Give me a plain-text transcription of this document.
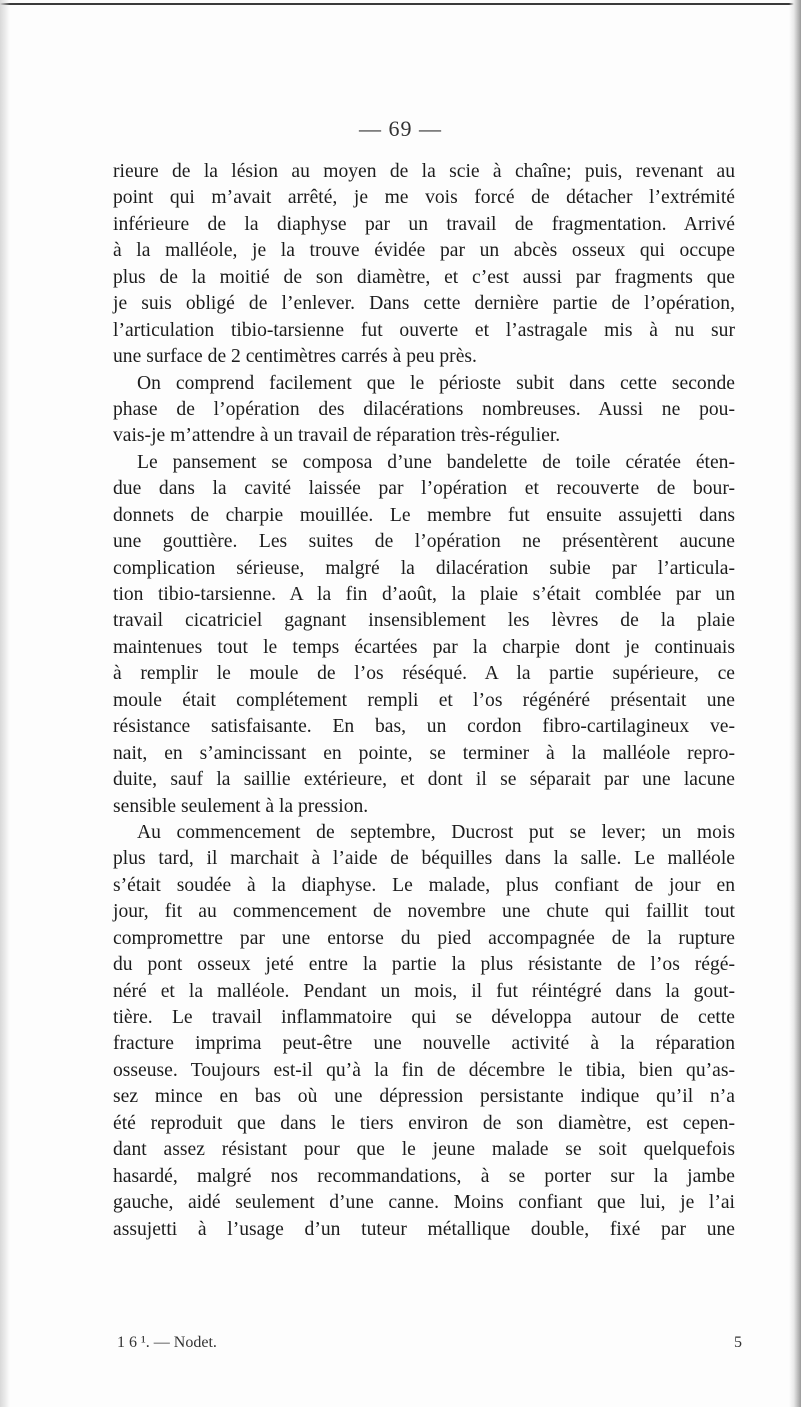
— 69 —
rieure de la lésion au moyen de la scie à chaîne; puis, revenant au
point qui m’avait arrêté, je me vois forcé de détacher l’extrémité
inférieure de la diaphyse par un travail de fragmentation. Arrivé
à la malléole, je la trouve évidée par un abcès osseux qui occupe
plus de la moitié de son diamètre, et c’est aussi par fragments que
je suis obligé de l’enlever. Dans cette dernière partie de l’opération,
l’articulation tibio-tarsienne fut ouverte et l’astragale mis à nu sur
une surface de 2 centimètres carrés à peu près.
On comprend facilement que le périoste subit dans cette seconde
phase de l’opération des dilacérations nombreuses. Aussi ne pou-
vais-je m’attendre à un travail de réparation très-régulier.
Le pansement se composa d’une bandelette de toile cératée éten-
due dans la cavité laissée par l’opération et recouverte de bour-
donnets de charpie mouillée. Le membre fut ensuite assujetti dans
une gouttière. Les suites de l’opération ne présentèrent aucune
complication sérieuse, malgré la dilacération subie par l’articula-
tion tibio-tarsienne. A la fin d’août, la plaie s’était comblée par un
travail cicatriciel gagnant insensiblement les lèvres de la plaie
maintenues tout le temps écartées par la charpie dont je continuais
à remplir le moule de l’os réséqué. A la partie supérieure, ce
moule était complétement rempli et l’os régénéré présentait une
résistance satisfaisante. En bas, un cordon fibro-cartilagineux ve-
nait, en s’amincissant en pointe, se terminer à la malléole repro-
duite, sauf la saillie extérieure, et dont il se séparait par une lacune
sensible seulement à la pression.
Au commencement de septembre, Ducrost put se lever; un mois
plus tard, il marchait à l’aide de béquilles dans la salle. Le malléole
s’était soudée à la diaphyse. Le malade, plus confiant de jour en
jour, fit au commencement de novembre une chute qui faillit tout
compromettre par une entorse du pied accompagnée de la rupture
du pont osseux jeté entre la partie la plus résistante de l’os régé-
néré et la malléole. Pendant un mois, il fut réintégré dans la gout-
tière. Le travail inflammatoire qui se développa autour de cette
fracture imprima peut-être une nouvelle activité à la réparation
osseuse. Toujours est-il qu’à la fin de décembre le tibia, bien qu’as-
sez mince en bas où une dépression persistante indique qu’il n’a
été reproduit que dans le tiers environ de son diamètre, est cepen-
dant assez résistant pour que le jeune malade se soit quelquefois
hasardé, malgré nos recommandations, à se porter sur la jambe
gauche, aidé seulement d’une canne. Moins confiant que lui, je l’ai
assujetti à l’usage d’un tuteur métallique double, fixé par une
1 6 ¹. — Nodet.	5
